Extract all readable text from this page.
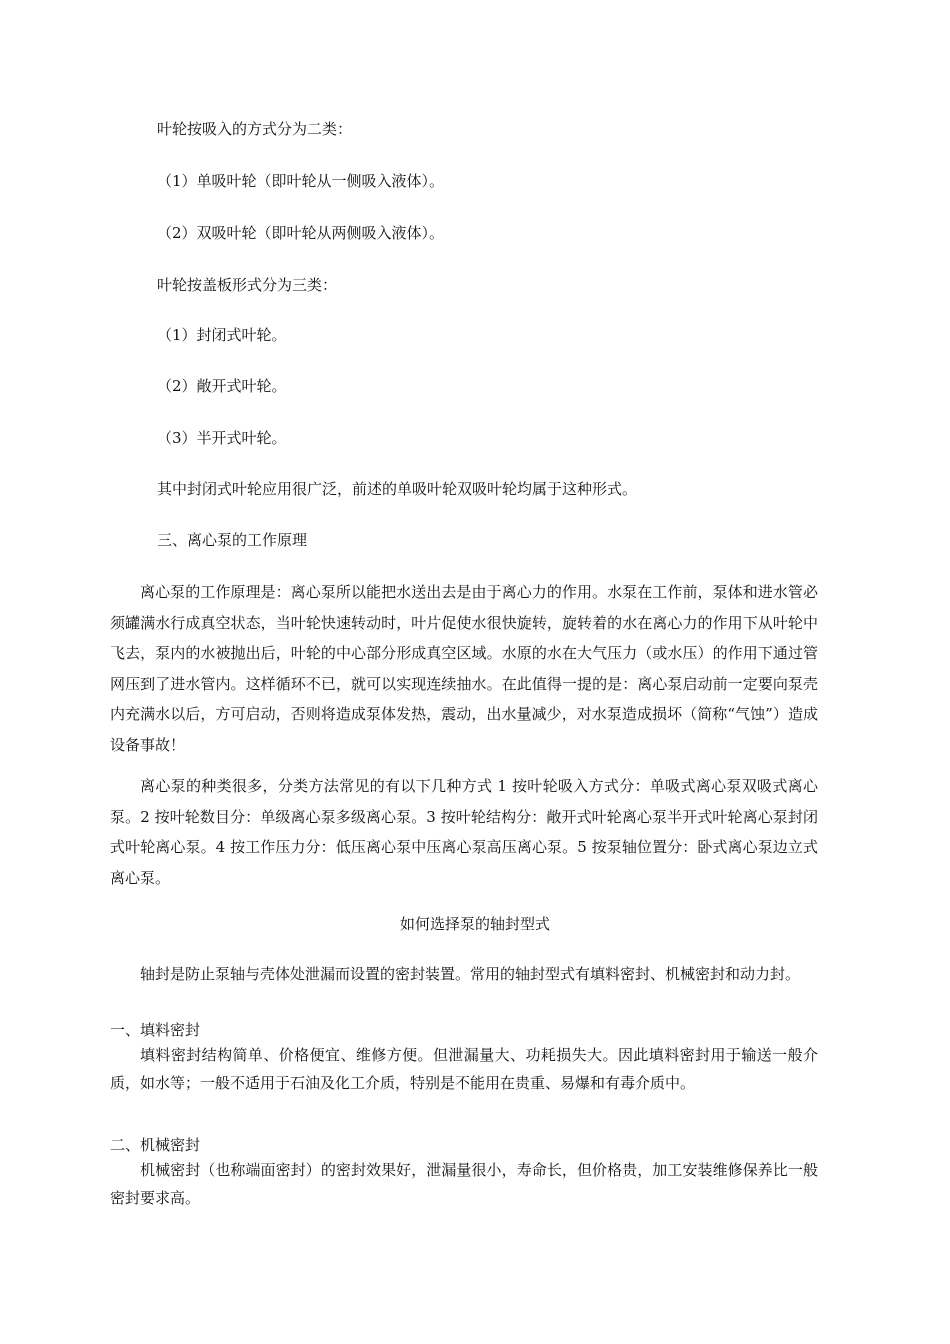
叶轮按吸入的方式分为二类：
（1）单吸叶轮（即叶轮从一侧吸入液体）。
（2）双吸叶轮（即叶轮从两侧吸入液体）。
叶轮按盖板形式分为三类：
（1）封闭式叶轮。
（2）敞开式叶轮。
（3）半开式叶轮。
其中封闭式叶轮应用很广泛，前述的单吸叶轮双吸叶轮均属于这种形式。
三、离心泵的工作原理
离心泵的工作原理是：离心泵所以能把水送出去是由于离心力的作用。水泵在工作前，泵体和进水管必须罐满水行成真空状态，当叶轮快速转动时，叶片促使水很快旋转，旋转着的水在离心力的作用下从叶轮中飞去，泵内的水被抛出后，叶轮的中心部分形成真空区域。水原的水在大气压力（或水压）的作用下通过管网压到了进水管内。这样循环不已，就可以实现连续抽水。在此值得一提的是：离心泵启动前一定要向泵壳内充满水以后，方可启动，否则将造成泵体发热，震动，出水量减少，对水泵造成损坏（简称“气蚀”）造成设备事故！
离心泵的种类很多，分类方法常见的有以下几种方式 1 按叶轮吸入方式分：单吸式离心泵双吸式离心泵。2 按叶轮数目分：单级离心泵多级离心泵。3 按叶轮结构分：敞开式叶轮离心泵半开式叶轮离心泵封闭式叶轮离心泵。4 按工作压力分：低压离心泵中压离心泵高压离心泵。5 按泵轴位置分：卧式离心泵边立式离心泵。
如何选择泵的轴封型式
轴封是防止泵轴与壳体处泄漏而设置的密封装置。常用的轴封型式有填料密封、机械密封和动力封。
一、填料密封
填料密封结构简单、价格便宜、维修方便。但泄漏量大、功耗损失大。因此填料密封用于输送一般介质，如水等；一般不适用于石油及化工介质，特别是不能用在贵重、易爆和有毒介质中。
二、机械密封
机械密封（也称端面密封）的密封效果好，泄漏量很小，寿命长，但价格贵，加工安装维修保养比一般密封要求高。
